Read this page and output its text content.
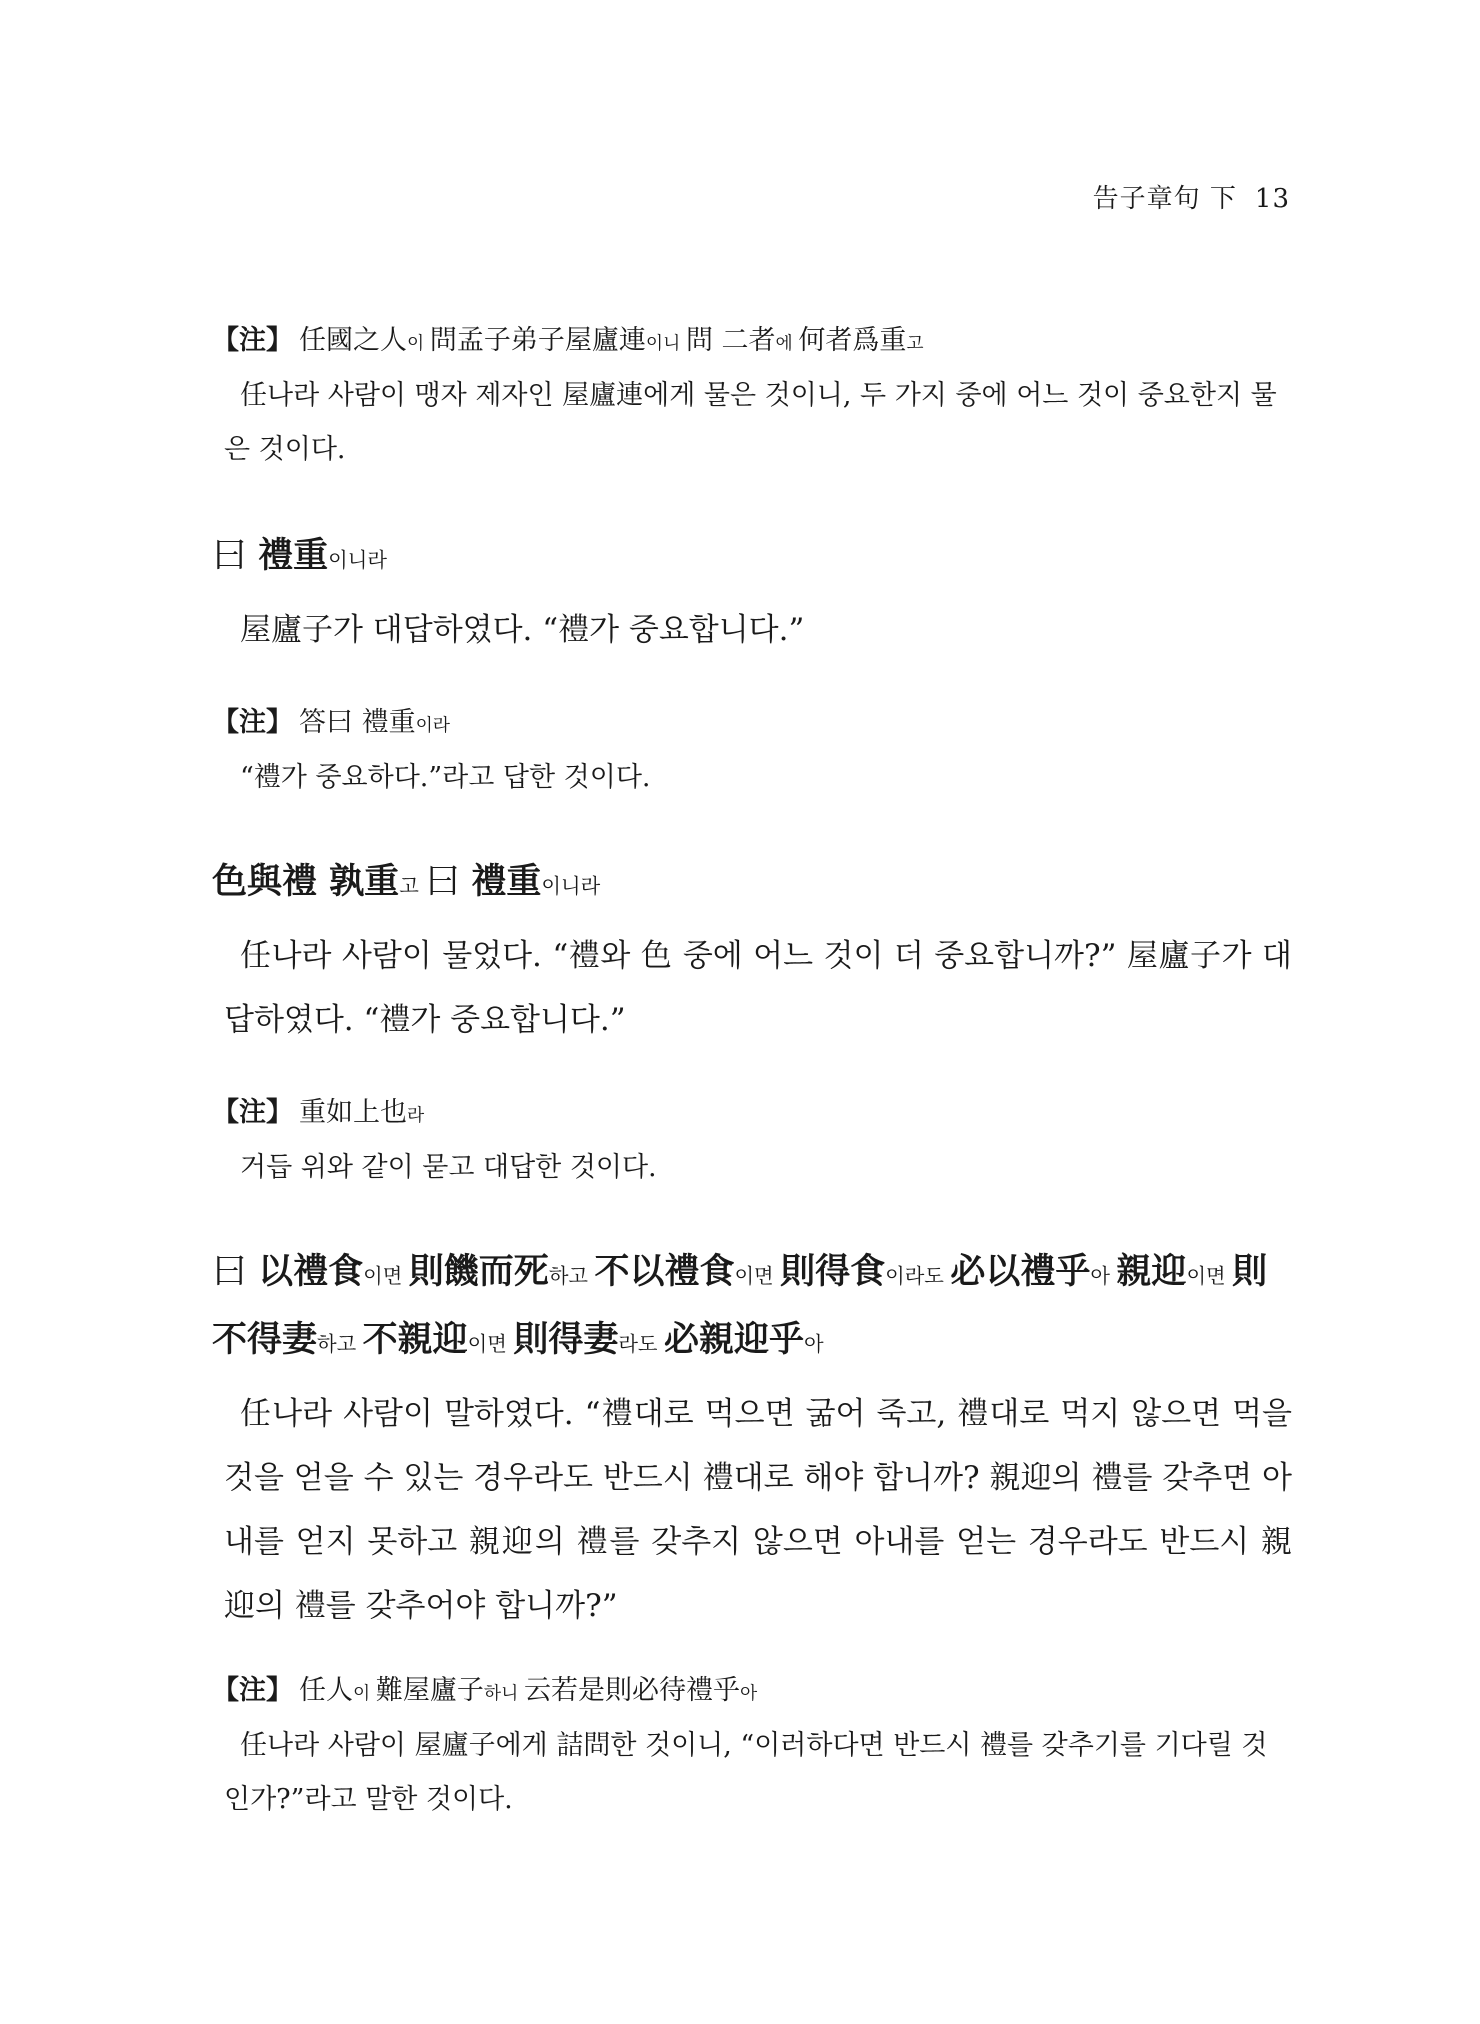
告子章句 下 13
【注】 任國之人이 問孟子弟子屋廬連이니 問 二者에 何者爲重고
任나라 사람이 맹자 제자인 屋廬連에게 물은 것이니, 두 가지 중에 어느 것이 중요한지 물은 것이다.
曰 禮重이니라
屋廬子가 대답하였다. “禮가 중요합니다.”
【注】 答曰 禮重이라
“禮가 중요하다.”라고 답한 것이다.
色與禮 孰重고 曰 禮重이니라
任나라 사람이 물었다. “禮와 色 중에 어느 것이 더 중요합니까?” 屋廬子가 대답하였다. “禮가 중요합니다.”
【注】 重如上也라
거듭 위와 같이 묻고 대답한 것이다.
曰 以禮食이면 則饑而死하고 不以禮食이면 則得食이라도 必以禮乎아 親迎이면 則不得妻하고 不親迎이면 則得妻라도 必親迎乎아
任나라 사람이 말하였다. “禮대로 먹으면 굶어 죽고, 禮대로 먹지 않으면 먹을 것을 얻을 수 있는 경우라도 반드시 禮대로 해야 합니까? 親迎의 禮를 갖추면 아내를 얻지 못하고 親迎의 禮를 갖추지 않으면 아내를 얻는 경우라도 반드시 親迎의 禮를 갖추어야 합니까?”
【注】 任人이 難屋廬子하니 云若是則必待禮乎아
任나라 사람이 屋廬子에게 詰問한 것이니, “이러하다면 반드시 禮를 갖추기를 기다릴 것인가?”라고 말한 것이다.
